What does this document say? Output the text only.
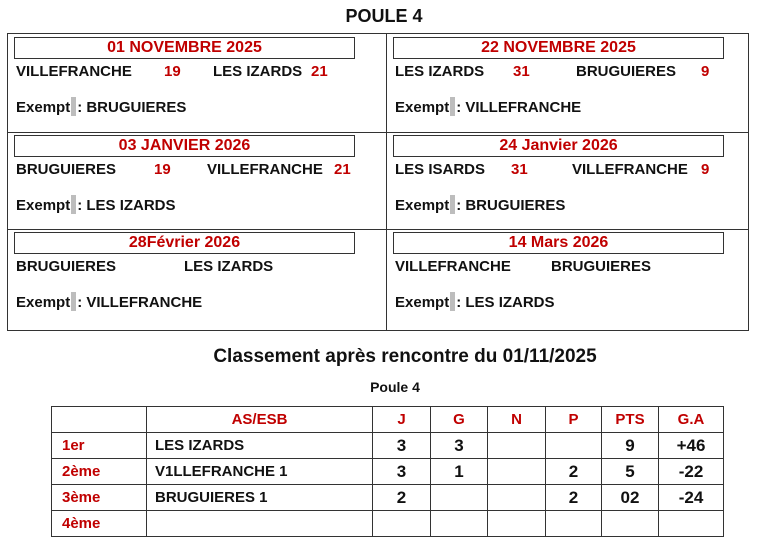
POULE 4
01 NOVEMBRE 2025
VILLEFRANCHE 19 LES IZARDS 21
Exempt : BRUGUIERES
22 NOVEMBRE 2025
LES IZARDS 31	BRUGUIERES 9
Exempt : VILLEFRANCHE
03 JANVIER 2026
BRUGUIERES	19 VILLEFRANCHE 21
Exempt : LES IZARDS
24 Janvier 2026
LES ISARDS 31	VILLEFRANCHE 9
Exempt : BRUGUIERES
28Février 2026
BRUGUIERES	LES IZARDS
Exempt : VILLEFRANCHE
14 Mars 2026
VILLEFRANCHE	BRUGUIERES
Exempt : LES IZARDS
Classement après rencontre du 01/11/2025
Poule 4
	AS/ESB	J	G	N	P	PTS	G.A
1er	LES IZARDS	3	3			9	+46
2ème	V1LLEFRANCHE 1	3	1		2	5	-22
3ème	BRUGUIERES 1	2			2	02	-24
4ème							
